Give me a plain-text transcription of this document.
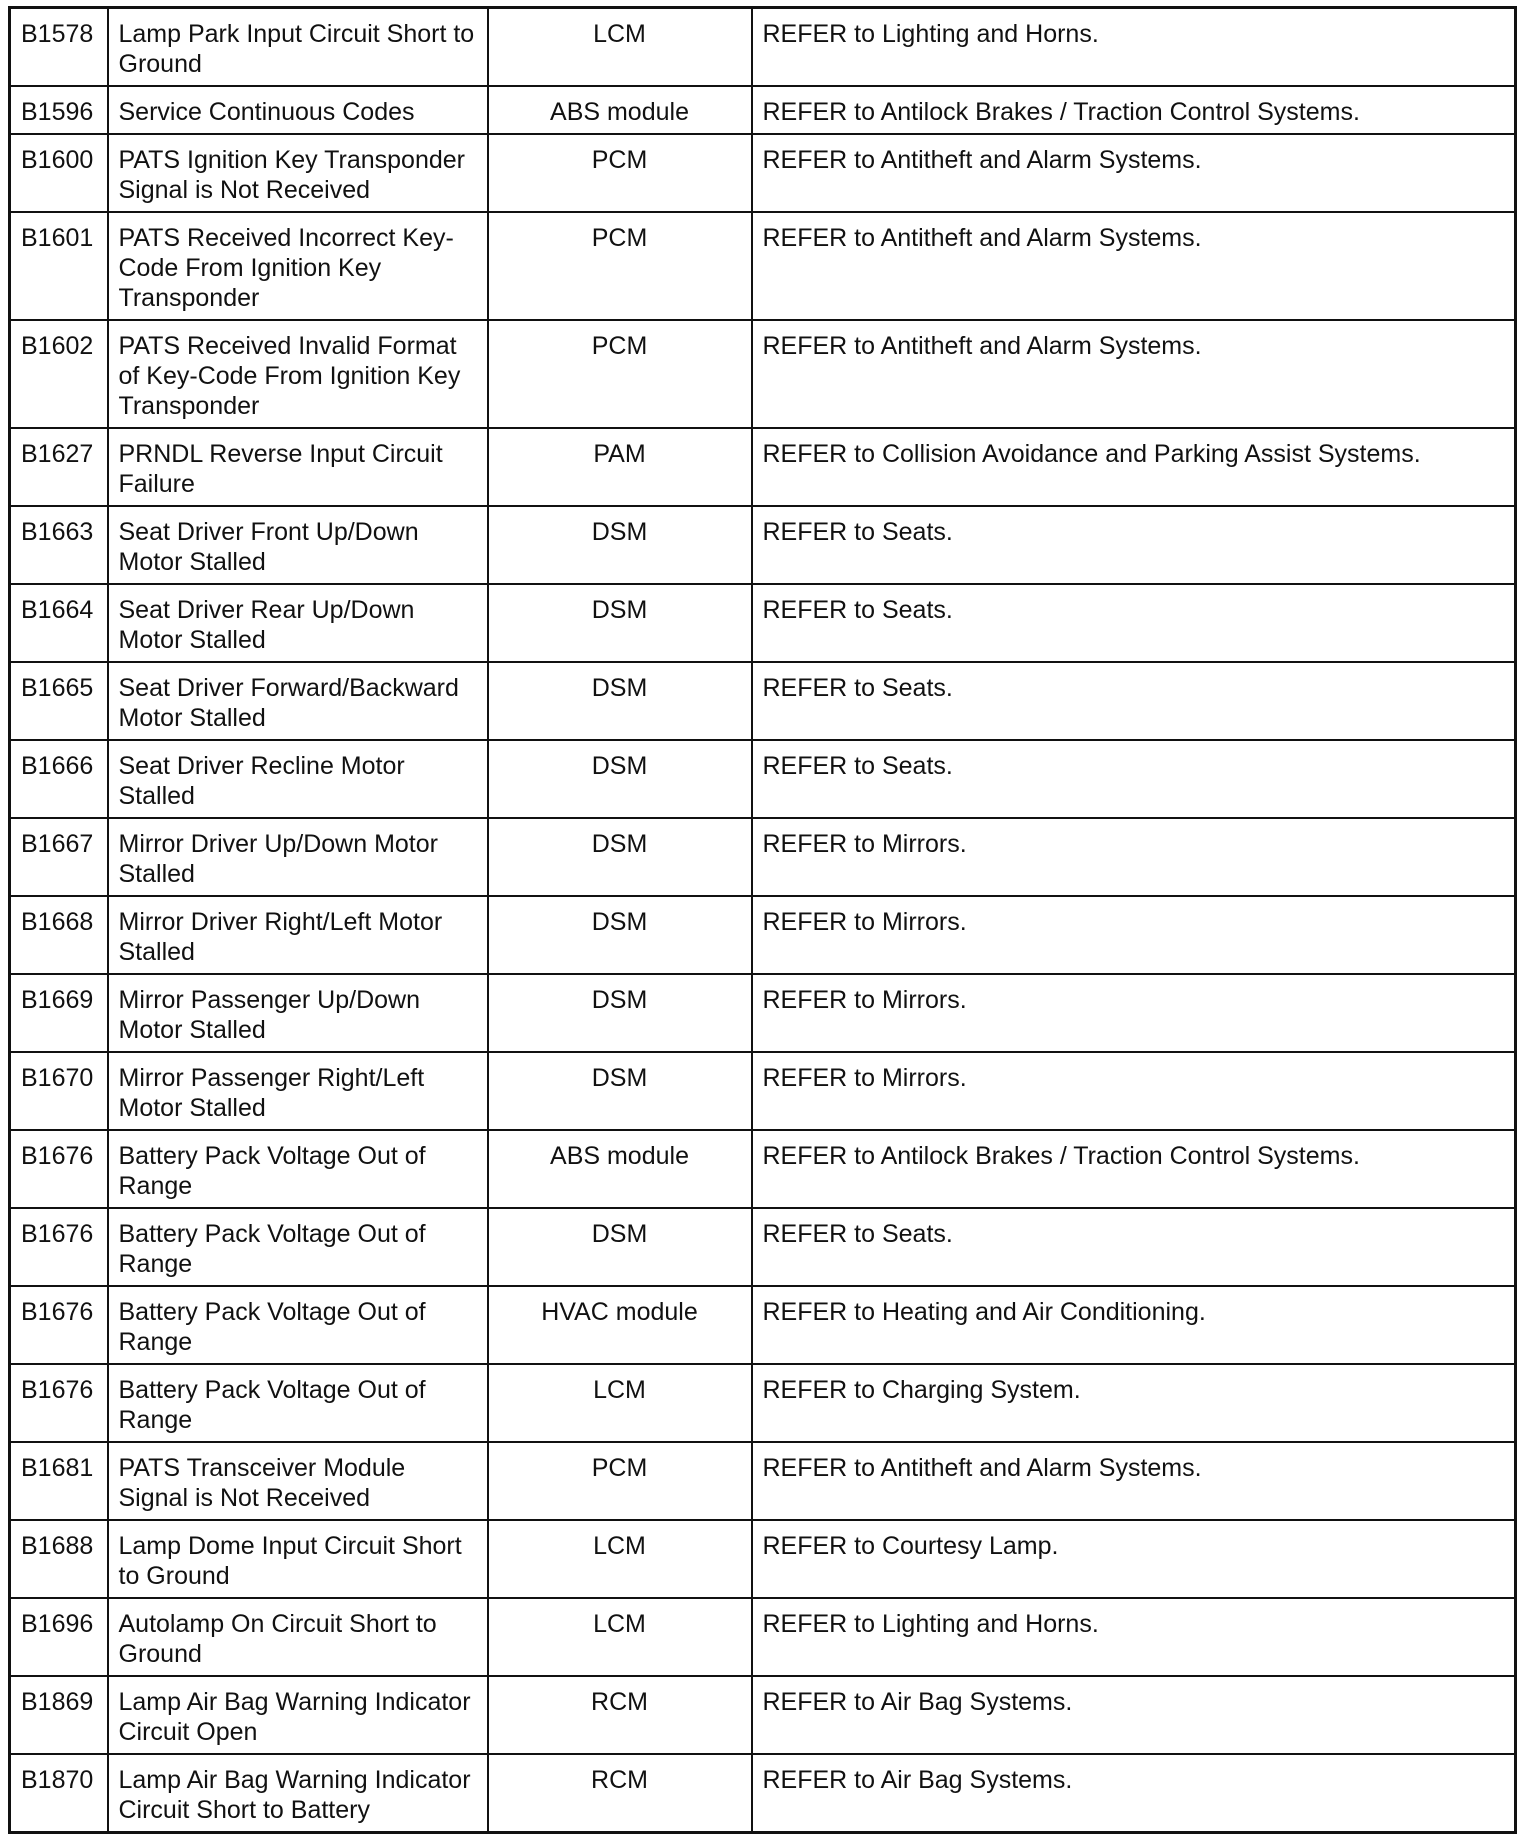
B1578	Lamp Park Input Circuit Short to Ground	LCM	REFER to Lighting and Horns.
B1596	Service Continuous Codes	ABS module	REFER to Antilock Brakes / Traction Control Systems.
B1600	PATS Ignition Key Transponder Signal is Not Received	PCM	REFER to Antitheft and Alarm Systems.
B1601	PATS Received Incorrect Key-Code From Ignition Key Transponder	PCM	REFER to Antitheft and Alarm Systems.
B1602	PATS Received Invalid Format of Key-Code From Ignition Key Transponder	PCM	REFER to Antitheft and Alarm Systems.
B1627	PRNDL Reverse Input Circuit Failure	PAM	REFER to Collision Avoidance and Parking Assist Systems.
B1663	Seat Driver Front Up/Down Motor Stalled	DSM	REFER to Seats.
B1664	Seat Driver Rear Up/Down Motor Stalled	DSM	REFER to Seats.
B1665	Seat Driver Forward/Backward Motor Stalled	DSM	REFER to Seats.
B1666	Seat Driver Recline Motor Stalled	DSM	REFER to Seats.
B1667	Mirror Driver Up/Down Motor Stalled	DSM	REFER to Mirrors.
B1668	Mirror Driver Right/Left Motor Stalled	DSM	REFER to Mirrors.
B1669	Mirror Passenger Up/Down Motor Stalled	DSM	REFER to Mirrors.
B1670	Mirror Passenger Right/Left Motor Stalled	DSM	REFER to Mirrors.
B1676	Battery Pack Voltage Out of Range	ABS module	REFER to Antilock Brakes / Traction Control Systems.
B1676	Battery Pack Voltage Out of Range	DSM	REFER to Seats.
B1676	Battery Pack Voltage Out of Range	HVAC module	REFER to Heating and Air Conditioning.
B1676	Battery Pack Voltage Out of Range	LCM	REFER to Charging System.
B1681	PATS Transceiver Module Signal is Not Received	PCM	REFER to Antitheft and Alarm Systems.
B1688	Lamp Dome Input Circuit Short to Ground	LCM	REFER to Courtesy Lamp.
B1696	Autolamp On Circuit Short to Ground	LCM	REFER to Lighting and Horns.
B1869	Lamp Air Bag Warning Indicator Circuit Open	RCM	REFER to Air Bag Systems.
B1870	Lamp Air Bag Warning Indicator Circuit Short to Battery	RCM	REFER to Air Bag Systems.
